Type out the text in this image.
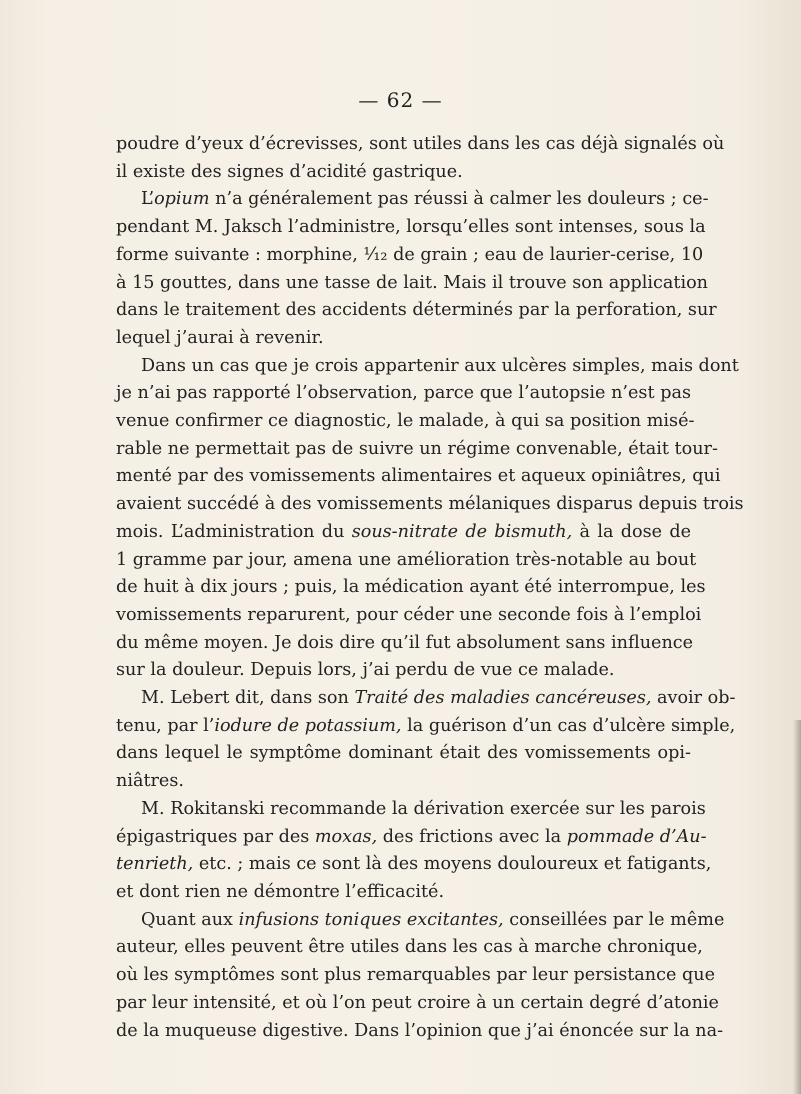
— 62 —
poudre d’yeux d’écrevisses, sont utiles dans les cas déjà signalés où
il existe des signes d’acidité gastrique.
L’opium n’a généralement pas réussi à calmer les douleurs ; ce-
pendant M. Jaksch l’administre, lorsqu’elles sont intenses, sous la
forme suivante : morphine, ¹⁄₁₂ de grain ; eau de laurier-cerise, 10
à 15 gouttes, dans une tasse de lait. Mais il trouve son application
dans le traitement des accidents déterminés par la perforation, sur
lequel j’aurai à revenir.
Dans un cas que je crois appartenir aux ulcères simples, mais dont
je n’ai pas rapporté l’observation, parce que l’autopsie n’est pas
venue confirmer ce diagnostic, le malade, à qui sa position misé-
rable ne permettait pas de suivre un régime convenable, était tour-
menté par des vomissements alimentaires et aqueux opiniâtres, qui
avaient succédé à des vomissements mélaniques disparus depuis trois
mois. L’administration du sous-nitrate de bismuth, à la dose de
1 gramme par jour, amena une amélioration très-notable au bout
de huit à dix jours ; puis, la médication ayant été interrompue, les
vomissements reparurent, pour céder une seconde fois à l’emploi
du même moyen. Je dois dire qu’il fut absolument sans influence
sur la douleur. Depuis lors, j’ai perdu de vue ce malade.
M. Lebert dit, dans son Traité des maladies cancéreuses, avoir ob-
tenu, par l’iodure de potassium, la guérison d’un cas d’ulcère simple,
dans lequel le symptôme dominant était des vomissements opi-
niâtres.
M. Rokitanski recommande la dérivation exercée sur les parois
épigastriques par des moxas, des frictions avec la pommade d’Au-
tenrieth, etc. ; mais ce sont là des moyens douloureux et fatigants,
et dont rien ne démontre l’efficacité.
Quant aux infusions toniques excitantes, conseillées par le même
auteur, elles peuvent être utiles dans les cas à marche chronique,
où les symptômes sont plus remarquables par leur persistance que
par leur intensité, et où l’on peut croire à un certain degré d’atonie
de la muqueuse digestive. Dans l’opinion que j’ai énoncée sur la na-
